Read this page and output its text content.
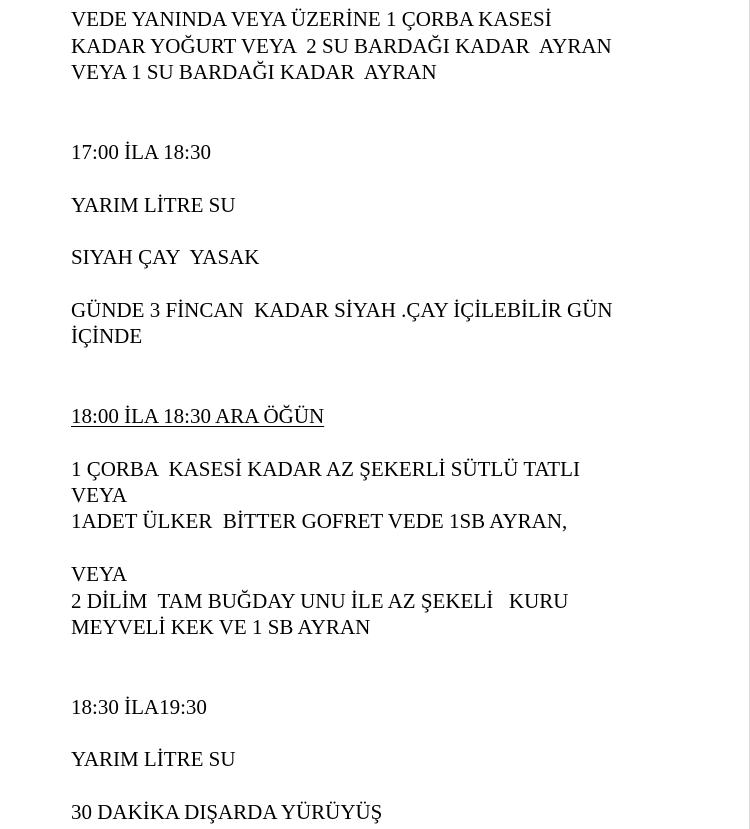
VEDE YANINDA VEYA ÜZERİNE 1 ÇORBA KASESİ
KADAR YOĞURT VEYA  2 SU BARDAĞI KADAR  AYRAN
VEYA 1 SU BARDAĞI KADAR  AYRAN
17:00 İLA 18:30
YARIM LİTRE SU
SIYAH ÇAY  YASAK
GÜNDE 3 FİNCAN  KADAR SİYAH .ÇAY İÇİLEBİLİR GÜN
İÇİNDE
18:00 İLA 18:30 ARA ÖĞÜN
1 ÇORBA  KASESİ KADAR AZ ŞEKERLİ SÜTLÜ TATLI
VEYA
1ADET ÜLKER  BİTTER GOFRET VEDE 1SB AYRAN,
VEYA
2 DİLİM  TAM BUĞDAY UNU İLE AZ ŞEKELİ   KURU
MEYVELİ KEK VE 1 SB AYRAN
18:30 İLA19:30
YARIM LİTRE SU
30 DAKİKA DIŞARDA YÜRÜYÜŞ
